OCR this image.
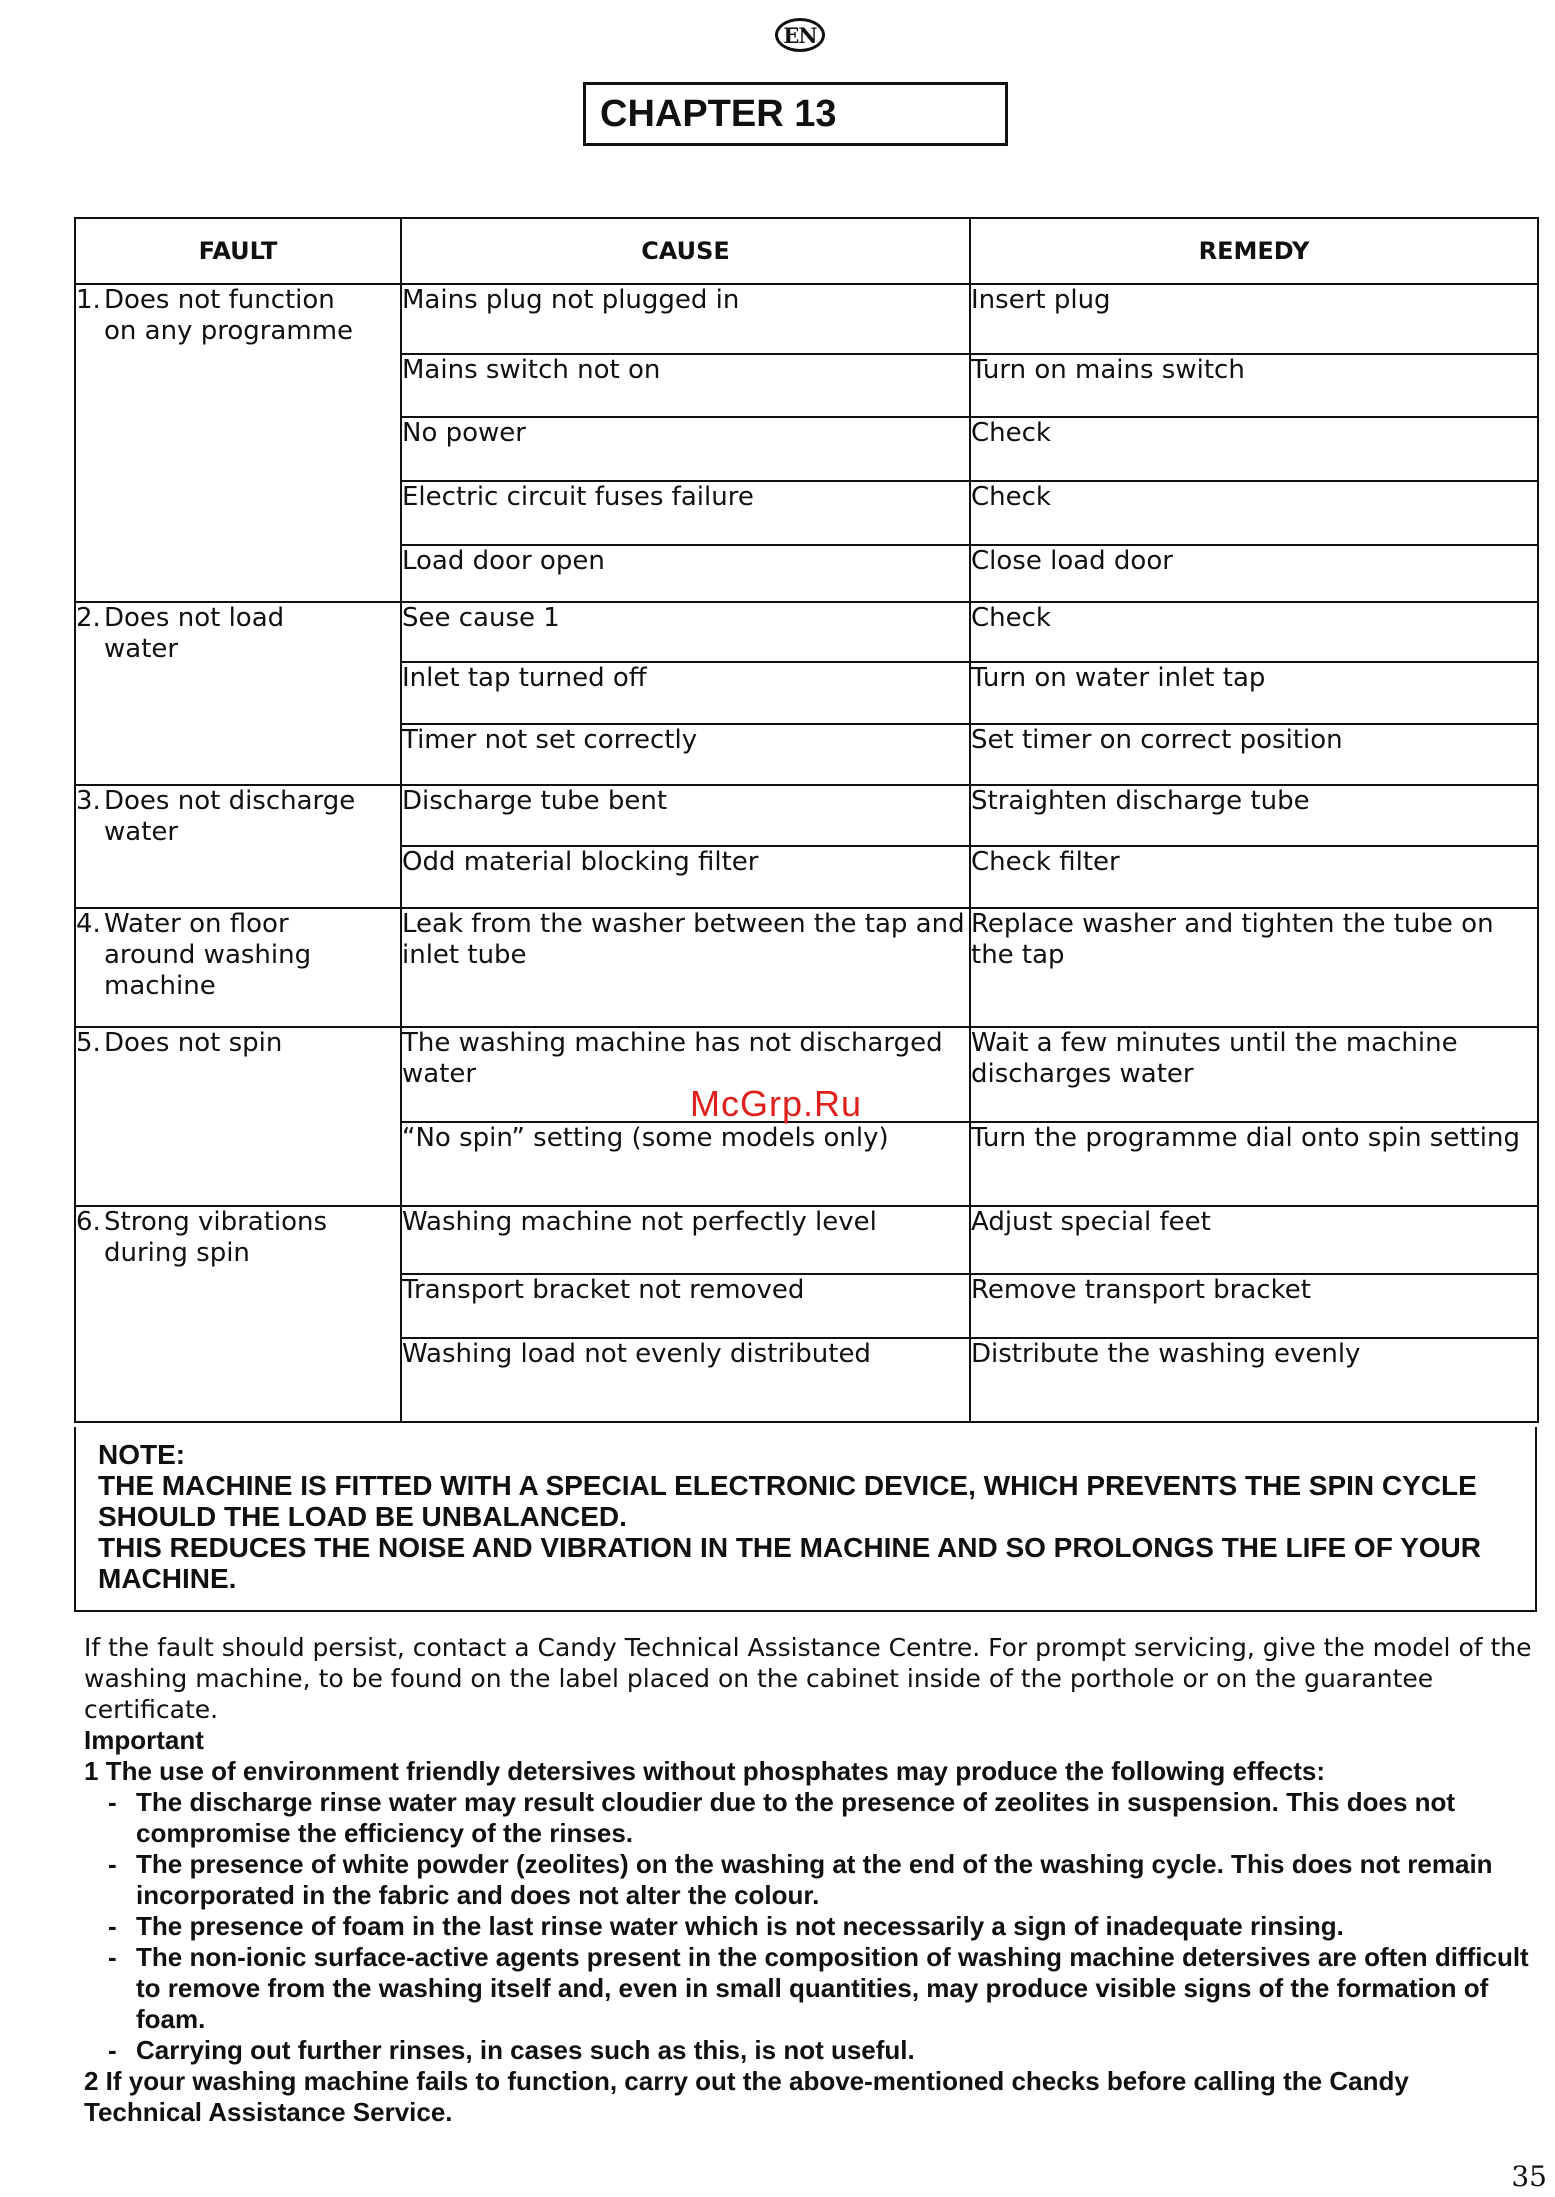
EN
CHAPTER 13
FAULT	CAUSE	REMEDY
1. Does not function on any programme	Mains plug not plugged in	Insert plug
	Mains switch not on	Turn on mains switch
	No power	Check
	Electric circuit fuses failure	Check
	Load door open	Close load door
2. Does not load water	See cause 1	Check
	Inlet tap turned off	Turn on water inlet tap
	Timer not set correctly	Set timer on correct position
3. Does not discharge water	Discharge tube bent	Straighten discharge tube
	Odd material blocking filter	Check filter
4. Water on floor around washing machine	Leak from the washer between the tap and inlet tube	Replace washer and tighten the tube on the tap
5. Does not spin	The washing machine has not discharged water	Wait a few minutes until the machine discharges water
	“No spin” setting (some models only)	Turn the programme dial onto spin setting
6. Strong vibrations during spin	Washing machine not perfectly level	Adjust special feet
	Transport bracket not removed	Remove transport bracket
	Washing load not evenly distributed	Distribute the washing evenly
NOTE:
THE MACHINE IS FITTED WITH A SPECIAL ELECTRONIC DEVICE, WHICH PREVENTS THE SPIN CYCLE SHOULD THE LOAD BE UNBALANCED.
THIS REDUCES THE NOISE AND VIBRATION IN THE MACHINE AND SO PROLONGS THE LIFE OF YOUR MACHINE.
McGrp.Ru

If the fault should persist, contact a Candy Technical Assistance Centre. For prompt servicing, give the model of the washing machine, to be found on the label placed on the cabinet inside of the porthole or on the guarantee certificate.

Important

1 The use of environment friendly detersives without phosphates may produce the following effects:

- The discharge rinse water may result cloudier due to the presence of zeolites in suspension. This does not compromise the efficiency of the rinses.
- The presence of white powder (zeolites) on the washing at the end of the washing cycle. This does not remain incorporated in the fabric and does not alter the colour.
- The presence of foam in the last rinse water which is not necessarily a sign of inadequate rinsing.
- The non-ionic surface-active agents present in the composition of washing machine detersives are often difficult to remove from the washing itself and, even in small quantities, may produce visible signs of the formation of foam.
- Carrying out further rinses, in cases such as this, is not useful.

2 If your washing machine fails to function, carry out the above-mentioned checks before calling the Candy Technical Assistance Service.

35
